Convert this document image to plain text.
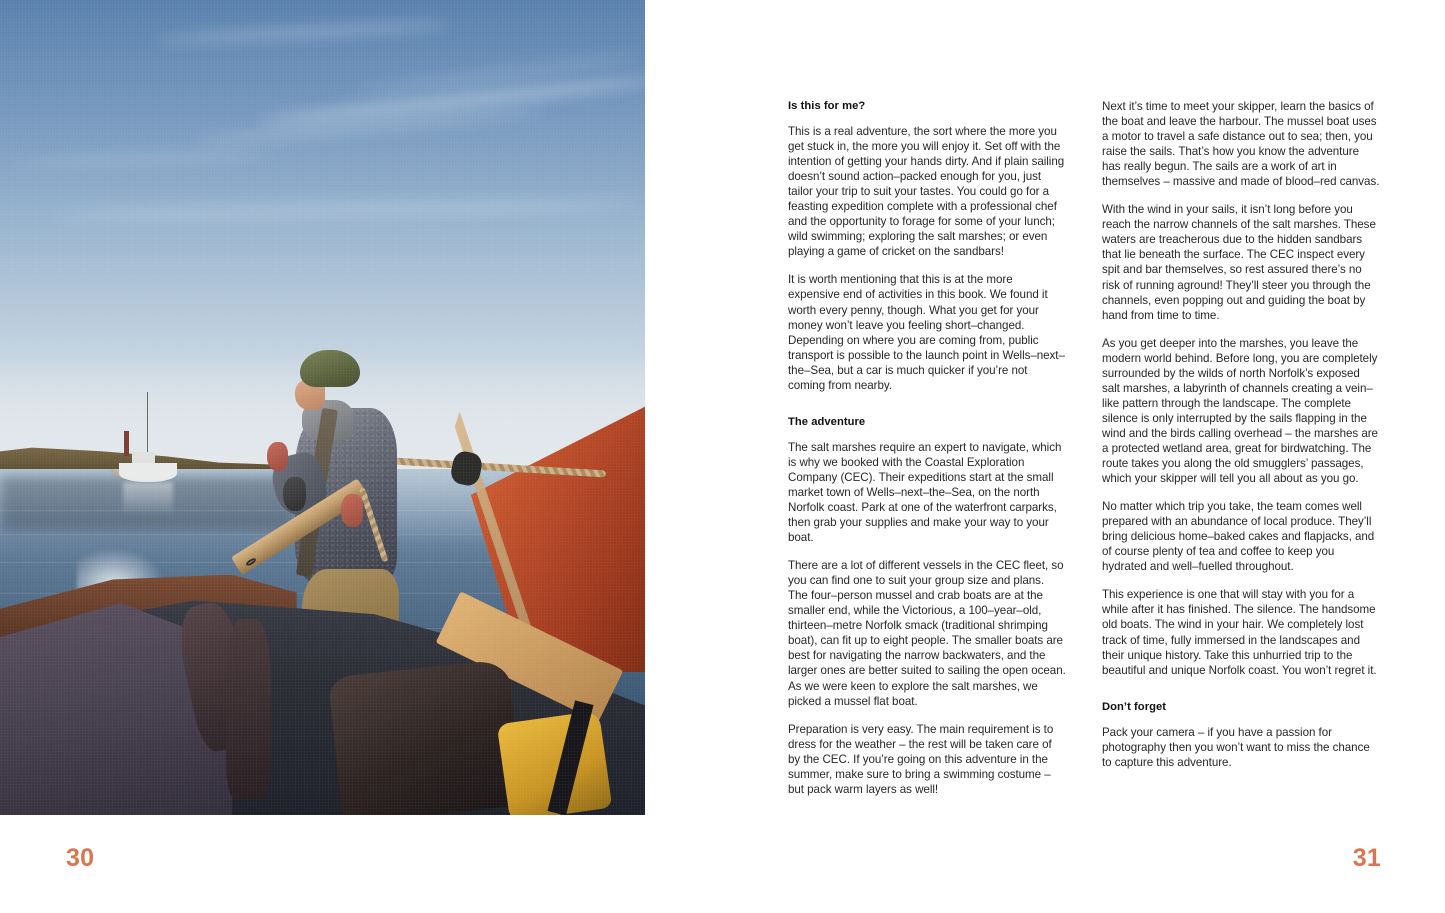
30
Is this for me?

This is a real adventure, the sort where the more you get stuck in, the more you will enjoy it. Set off with the intention of getting your hands dirty. And if plain sailing doesn’t sound action–packed enough for you, just tailor your trip to suit your tastes. You could go for a feasting expedition complete with a professional chef and the opportunity to forage for some of your lunch; wild swimming; exploring the salt marshes; or even playing a game of cricket on the sandbars!

It is worth mentioning that this is at the more expensive end of activities in this book. We found it worth every penny, though. What you get for your money won’t leave you feeling short–changed. Depending on where you are coming from, public transport is possible to the launch point in Wells–next–the–Sea, but a car is much quicker if you’re not coming from nearby.

The adventure

The salt marshes require an expert to navigate, which is why we booked with the Coastal Exploration Company (CEC). Their expeditions start at the small market town of Wells–next–the–Sea, on the north Norfolk coast. Park at one of the waterfront carparks, then grab your supplies and make your way to your boat.

There are a lot of different vessels in the CEC fleet, so you can find one to suit your group size and plans. The four–person mussel and crab boats are at the smaller end, while the Victorious, a 100–year–old, thirteen–metre Norfolk smack (traditional shrimping boat), can fit up to eight people. The smaller boats are best for navigating the narrow backwaters, and the larger ones are better suited to sailing the open ocean. As we were keen to explore the salt marshes, we picked a mussel flat boat.

Preparation is very easy. The main requirement is to dress for the weather – the rest will be taken care of by the CEC. If you’re going on this adventure in the summer, make sure to bring a swimming costume – but pack warm layers as well!

Next it’s time to meet your skipper, learn the basics of the boat and leave the harbour. The mussel boat uses a motor to travel a safe distance out to sea; then, you raise the sails. That’s how you know the adventure has really begun. The sails are a work of art in themselves – massive and made of blood–red canvas.

With the wind in your sails, it isn’t long before you reach the narrow channels of the salt marshes. These waters are treacherous due to the hidden sandbars that lie beneath the surface. The CEC inspect every spit and bar themselves, so rest assured there’s no risk of running aground! They’ll steer you through the channels, even popping out and guiding the boat by hand from time to time.

As you get deeper into the marshes, you leave the modern world behind. Before long, you are completely surrounded by the wilds of north Norfolk’s exposed salt marshes, a labyrinth of channels creating a vein–like pattern through the landscape. The complete silence is only interrupted by the sails flapping in the wind and the birds calling overhead – the marshes are a protected wetland area, great for birdwatching. The route takes you along the old smugglers’ passages, which your skipper will tell you all about as you go.

No matter which trip you take, the team comes well prepared with an abundance of local produce. They’ll bring delicious home–baked cakes and flapjacks, and of course plenty of tea and coffee to keep you hydrated and well–fuelled throughout.

This experience is one that will stay with you for a while after it has finished. The silence. The handsome old boats. The wind in your hair. We completely lost track of time, fully immersed in the landscapes and their unique history. Take this unhurried trip to the beautiful and unique Norfolk coast. You won’t regret it.

Don’t forget

Pack your camera – if you have a passion for photography then you won’t want to miss the chance to capture this adventure.

31
